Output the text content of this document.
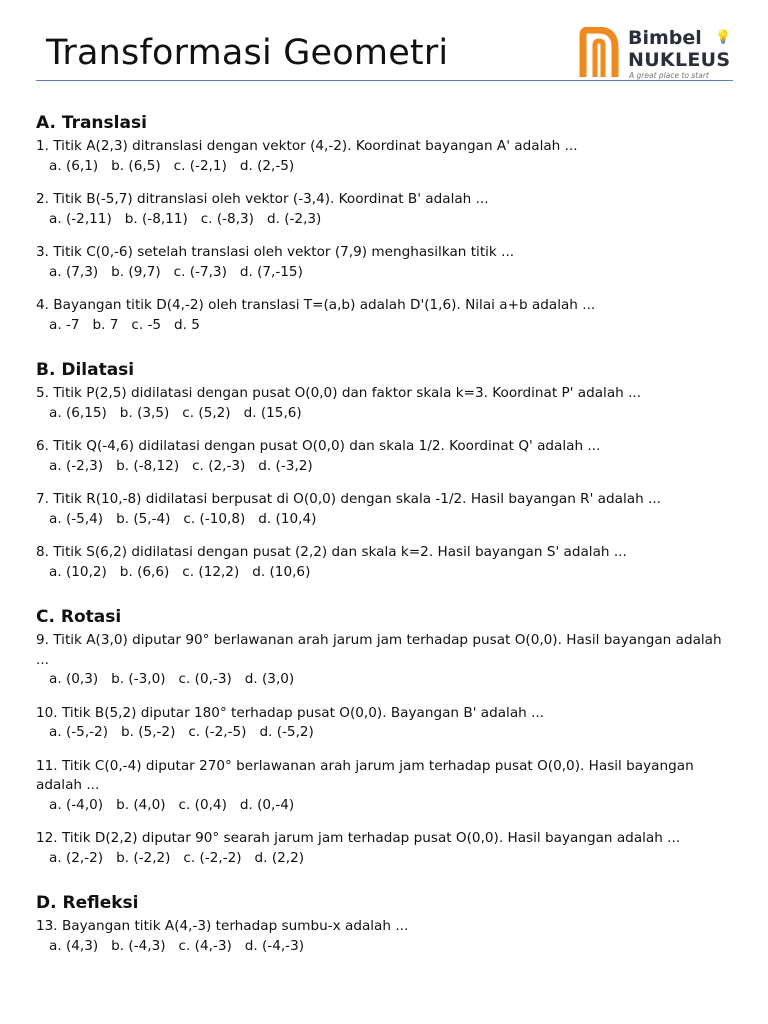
Transformasi Geometri	Bimbel 💡
NUKLEUS
A great place to start
A. Translasi
1. Titik A(2,3) ditranslasi dengan vektor (4,-2). Koordinat bayangan A' adalah ...
a. (6,1)   b. (6,5)   c. (-2,1)   d. (2,-5)
2. Titik B(-5,7) ditranslasi oleh vektor (-3,4). Koordinat B' adalah ...
a. (-2,11)   b. (-8,11)   c. (-8,3)   d. (-2,3)
3. Titik C(0,-6) setelah translasi oleh vektor (7,9) menghasilkan titik ...
a. (7,3)   b. (9,7)   c. (-7,3)   d. (7,-15)
4. Bayangan titik D(4,-2) oleh translasi T=(a,b) adalah D'(1,6). Nilai a+b adalah ...
a. -7   b. 7   c. -5   d. 5
B. Dilatasi
5. Titik P(2,5) didilatasi dengan pusat O(0,0) dan faktor skala k=3. Koordinat P' adalah ...
a. (6,15)   b. (3,5)   c. (5,2)   d. (15,6)
6. Titik Q(-4,6) didilatasi dengan pusat O(0,0) dan skala 1/2. Koordinat Q' adalah ...
a. (-2,3)   b. (-8,12)   c. (2,-3)   d. (-3,2)
7. Titik R(10,-8) didilatasi berpusat di O(0,0) dengan skala -1/2. Hasil bayangan R' adalah ...
a. (-5,4)   b. (5,-4)   c. (-10,8)   d. (10,4)
8. Titik S(6,2) didilatasi dengan pusat (2,2) dan skala k=2. Hasil bayangan S' adalah ...
a. (10,2)   b. (6,6)   c. (12,2)   d. (10,6)
C. Rotasi
9. Titik A(3,0) diputar 90° berlawanan arah jarum jam terhadap pusat O(0,0). Hasil bayangan adalah ...
a. (0,3)   b. (-3,0)   c. (0,-3)   d. (3,0)
10. Titik B(5,2) diputar 180° terhadap pusat O(0,0). Bayangan B' adalah ...
a. (-5,-2)   b. (5,-2)   c. (-2,-5)   d. (-5,2)
11. Titik C(0,-4) diputar 270° berlawanan arah jarum jam terhadap pusat O(0,0). Hasil bayangan adalah ...
a. (-4,0)   b. (4,0)   c. (0,4)   d. (0,-4)
12. Titik D(2,2) diputar 90° searah jarum jam terhadap pusat O(0,0). Hasil bayangan adalah ...
a. (2,-2)   b. (-2,2)   c. (-2,-2)   d. (2,2)
D. Refleksi
13. Bayangan titik A(4,-3) terhadap sumbu-x adalah ...
a. (4,3)   b. (-4,3)   c. (4,-3)   d. (-4,-3)
